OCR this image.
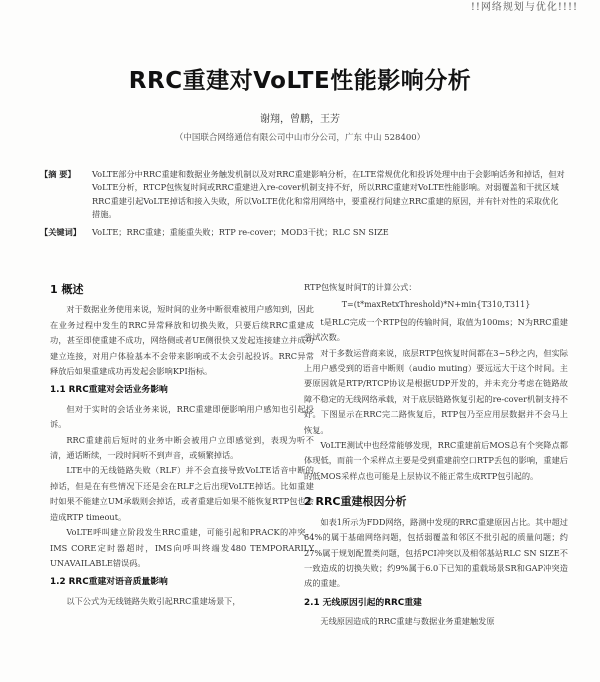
!!网络规划与优化!!!!
RRC重建对VoLTE性能影响分析
谢翔，曾鹏，王芳
（中国联合网络通信有限公司中山市分公司，广东 中山 528400）
【摘 要】	VoLTE部分中RRC重建和数据业务触发机制以及对RRC重建影响分析，在LTE常规优化和投诉处理中由于会影响话务和掉话，但对VoLTE分析，RTCP包恢复时间或RRC重建进入re-cover机制支持不好，所以RRC重建对VoLTE性能影响。对弱覆盖和干扰区域RRC重建引起VoLTE掉话和接入失败，所以VoLTE优化和常用网络中，要重视行间建立RRC重建的原因，并有针对性的采取优化措施。
【关键词】	VoLTE；RRC重建；重能重失败；RTP re-cover；MOD3干扰；RLC SN SIZE
1 概述

对于数据业务使用来说，短时间的业务中断很难被用户感知到，因此在业务过程中发生的RRC异常释放和切换失败，只要后续RRC重建成功，甚至即使重建不成功，网络侧或者UE侧很快又发起连接建立并成功建立连接，对用户体验基本不会带来影响或不太会引起投诉。RRC异常释放后如果重建成功再发起会影响KPI指标。

1.1 RRC重建对会话业务影响

但对于实时的会话业务来说，RRC重建即便影响用户感知也引起投诉。

RRC重建前后短时的业务中断会被用户立即感觉到，表现为听不清，通话断续，一段时间听不到声音，或频繁掉话。

LTE中的无线链路失败（RLF）并不会直接导致VoLTE话音中断的掉话，但是在有些情况下还是会在RLF之后出现VoLTE掉话。比如重建时如果不能建立UM承载则会掉话，或者重建后如果不能恢复RTP包也会造成RTP timeout。

VoLTE呼叫建立阶段发生RRC重建，可能引起和PRACK的冲突，IMS CORE定时器超时，IMS向呼叫终端发480 TEMPORARILY UNAVAILABLE错误码。

1.2 RRC重建对语音质量影响

以下公式为无线链路失败引起RRC重建场景下，

RTP包恢复时间T的计算公式：

T=(t*maxRetxThreshold)*N+min{T310,T311}

t是RLC完成一个RTP包的传输时间，取值为100ms；N为RRC重建尝试次数。

对于多数运营商来说，底层RTP包恢复时间都在3~5秒之内，但实际上用户感受到的语音中断则（audio muting）要远远大于这个时间。主要原因就是RTP/RTCP协议是根据UDP开发的，并未充分考虑在链路故障不稳定的无线网络承载，对于底层链路恢复引起的re-cover机制支持不好。下图显示在RRC完二路恢复后，RTP包乃至应用层数据并不会马上恢复。

VoLTE测试中也经常能够发现，RRC重建前后MOS总有个突降点都体现低，而前一个采样点主要是受到重建前空口RTP丢包的影响，重建后的低MOS采样点也可能是上层协议不能正常生成RTP包引起的。

2 RRC重建根因分析

如表1所示为FDD网络，路测中发现的RRC重建原因占比。其中超过64%的属于基础网络问题，包括弱覆盖和邻区不批引起的质量问题；约27%属于规划配置类问题，包括PCI冲突以及相邻基站RLC SN SIZE不一致造成的切换失败；约9%属于6.0下已知的重载场景SR和GAP冲突造成的重建。

2.1 无线原因引起的RRC重建

无线原因造成的RRC重建与数据业务重建触发原
